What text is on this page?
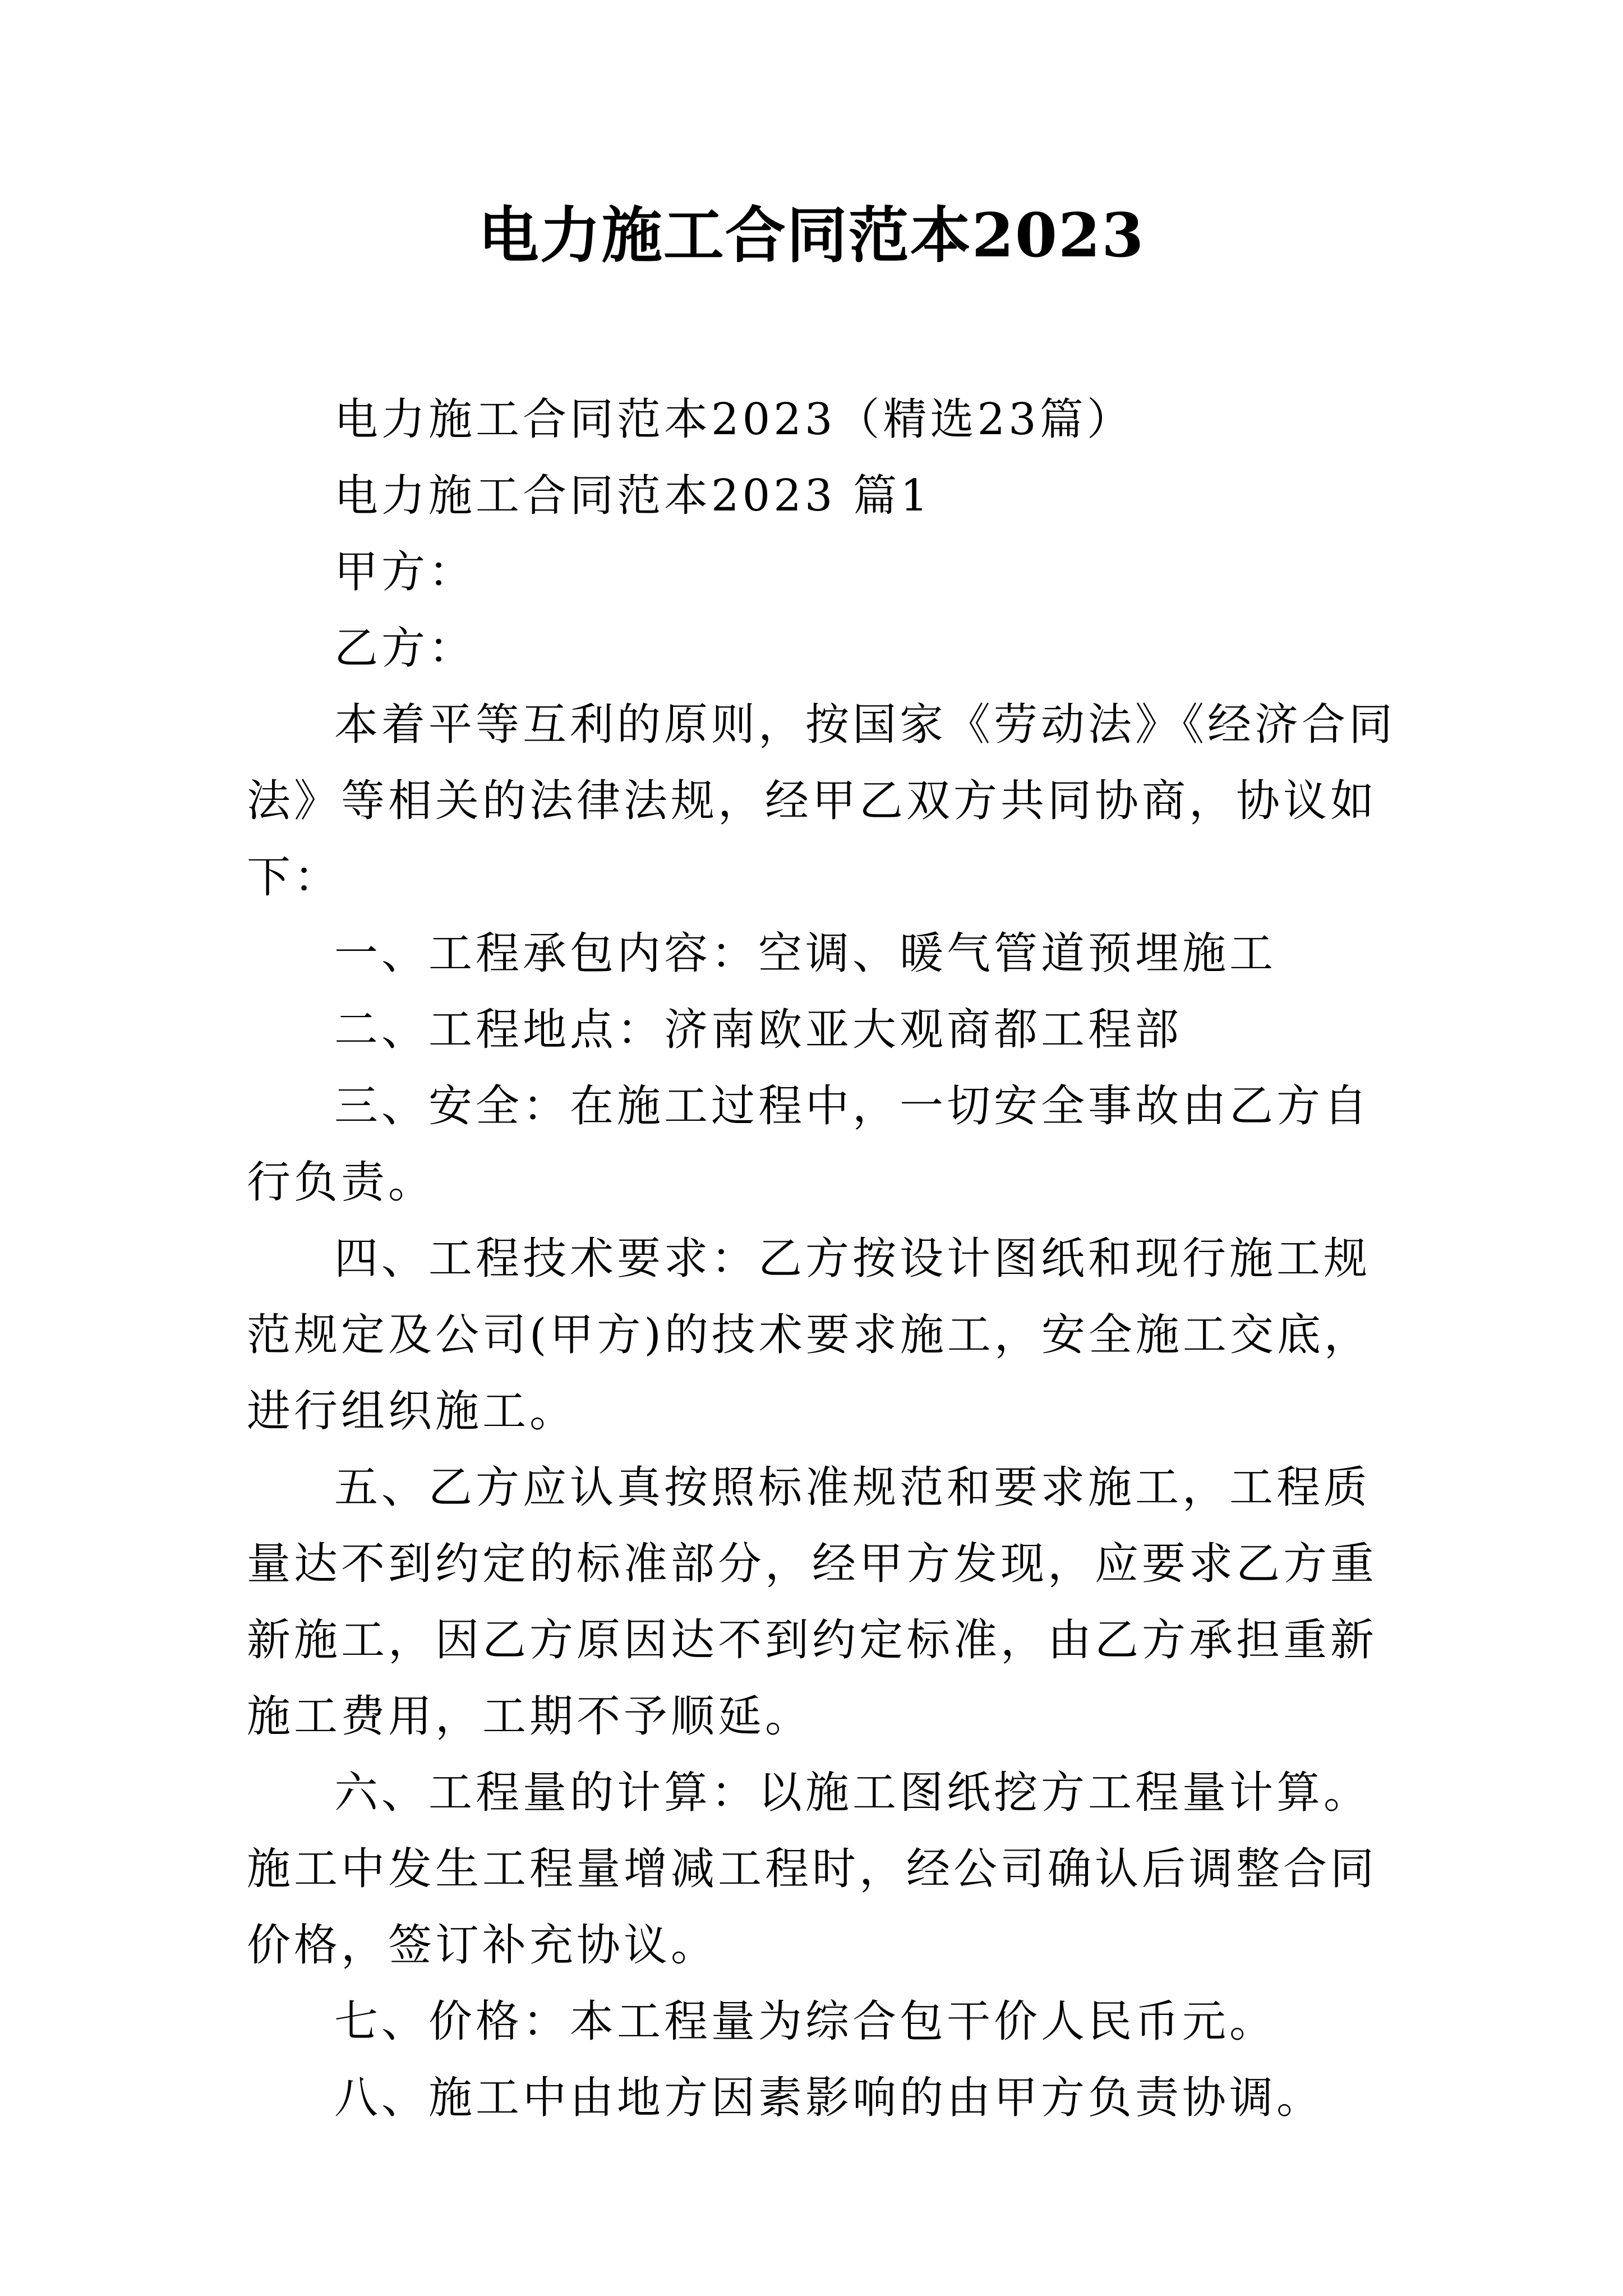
电力施工合同范本2023

电力施工合同范本2023（精选23篇）

电力施工合同范本2023 篇1

甲方：

乙方：

本着平等互利的原则，按国家《劳动法》《经济合同法》等相关的法律法规，经甲乙双方共同协商，协议如下：

一、工程承包内容：空调、暖气管道预埋施工

二、工程地点：济南欧亚大观商都工程部

三、安全：在施工过程中，一切安全事故由乙方自行负责。

四、工程技术要求：乙方按设计图纸和现行施工规范规定及公司(甲方)的技术要求施工，安全施工交底，进行组织施工。

五、乙方应认真按照标准规范和要求施工，工程质量达不到约定的标准部分，经甲方发现，应要求乙方重新施工，因乙方原因达不到约定标准，由乙方承担重新施工费用，工期不予顺延。

六、工程量的计算：以施工图纸挖方工程量计算。施工中发生工程量增减工程时，经公司确认后调整合同价格，签订补充协议。

七、价格：本工程量为综合包干价人民币元。

八、施工中由地方因素影响的由甲方负责协调。
